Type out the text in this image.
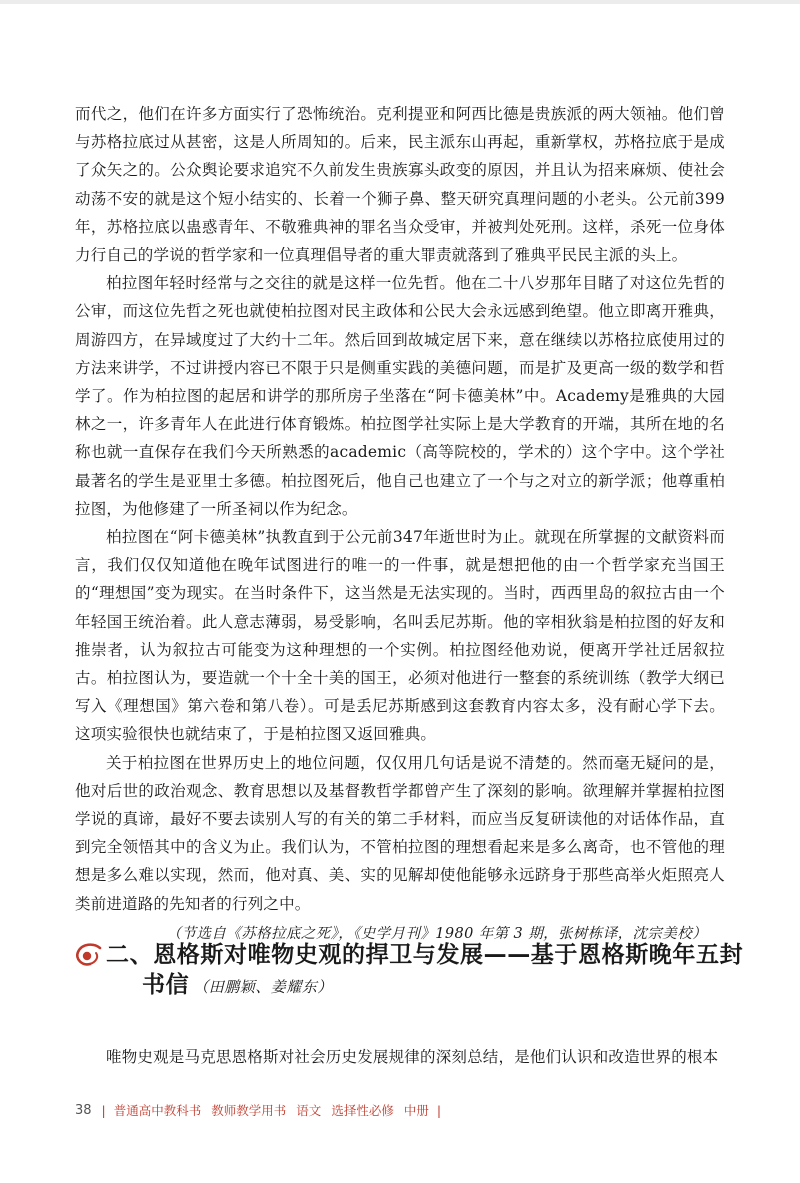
而代之，他们在许多方面实行了恐怖统治。克利提亚和阿西比德是贵族派的两大领袖。他们曾与苏格拉底过从甚密，这是人所周知的。后来，民主派东山再起，重新掌权，苏格拉底于是成了众矢之的。公众舆论要求追究不久前发生贵族寡头政变的原因，并且认为招来麻烦、使社会动荡不安的就是这个短小结实的、长着一个狮子鼻、整天研究真理问题的小老头。公元前399年，苏格拉底以蛊惑青年、不敬雅典神的罪名当众受审，并被判处死刑。这样，杀死一位身体力行自己的学说的哲学家和一位真理倡导者的重大罪责就落到了雅典平民民主派的头上。

柏拉图年轻时经常与之交往的就是这样一位先哲。他在二十八岁那年目睹了对这位先哲的公审，而这位先哲之死也就使柏拉图对民主政体和公民大会永远感到绝望。他立即离开雅典，周游四方，在异域度过了大约十二年。然后回到故城定居下来，意在继续以苏格拉底使用过的方法来讲学，不过讲授内容已不限于只是侧重实践的美德问题，而是扩及更高一级的数学和哲学了。作为柏拉图的起居和讲学的那所房子坐落在“阿卡德美林”中。Academy是雅典的大园林之一，许多青年人在此进行体育锻炼。柏拉图学社实际上是大学教育的开端，其所在地的名称也就一直保存在我们今天所熟悉的academic（高等院校的，学术的）这个字中。这个学社最著名的学生是亚里士多德。柏拉图死后，他自己也建立了一个与之对立的新学派；他尊重柏拉图，为他修建了一所圣祠以作为纪念。

柏拉图在“阿卡德美林”执教直到于公元前347年逝世时为止。就现在所掌握的文献资料而言，我们仅仅知道他在晚年试图进行的唯一的一件事，就是想把他的由一个哲学家充当国王的“理想国”变为现实。在当时条件下，这当然是无法实现的。当时，西西里岛的叙拉古由一个年轻国王统治着。此人意志薄弱，易受影响，名叫丢尼苏斯。他的宰相狄翁是柏拉图的好友和推崇者，认为叙拉古可能变为这种理想的一个实例。柏拉图经他劝说，便离开学社迁居叙拉古。柏拉图认为，要造就一个十全十美的国王，必须对他进行一整套的系统训练（教学大纲已写入《理想国》第六卷和第八卷）。可是丢尼苏斯感到这套教育内容太多，没有耐心学下去。这项实验很快也就结束了，于是柏拉图又返回雅典。

关于柏拉图在世界历史上的地位问题，仅仅用几句话是说不清楚的。然而毫无疑问的是，他对后世的政治观念、教育思想以及基督教哲学都曾产生了深刻的影响。欲理解并掌握柏拉图学说的真谛，最好不要去读别人写的有关的第二手材料，而应当反复研读他的对话体作品，直到完全领悟其中的含义为止。我们认为，不管柏拉图的理想看起来是多么离奇，也不管他的理想是多么难以实现，然而，他对真、美、实的见解却使他能够永远跻身于那些高举火炬照亮人类前进道路的先知者的行列之中。

（节选自《苏格拉底之死》，《史学月刊》1980 年第 3 期，张树栋译，沈宗美校）

二、恩格斯对唯物史观的捍卫与发展——基于恩格斯晚年五封
书信 （田鹏颖、姜耀东）

唯物史观是马克思恩格斯对社会历史发展规律的深刻总结，是他们认识和改造世界的根本

38 | 普通高中教科书 教师教学用书 语文 选择性必修 中册 |
